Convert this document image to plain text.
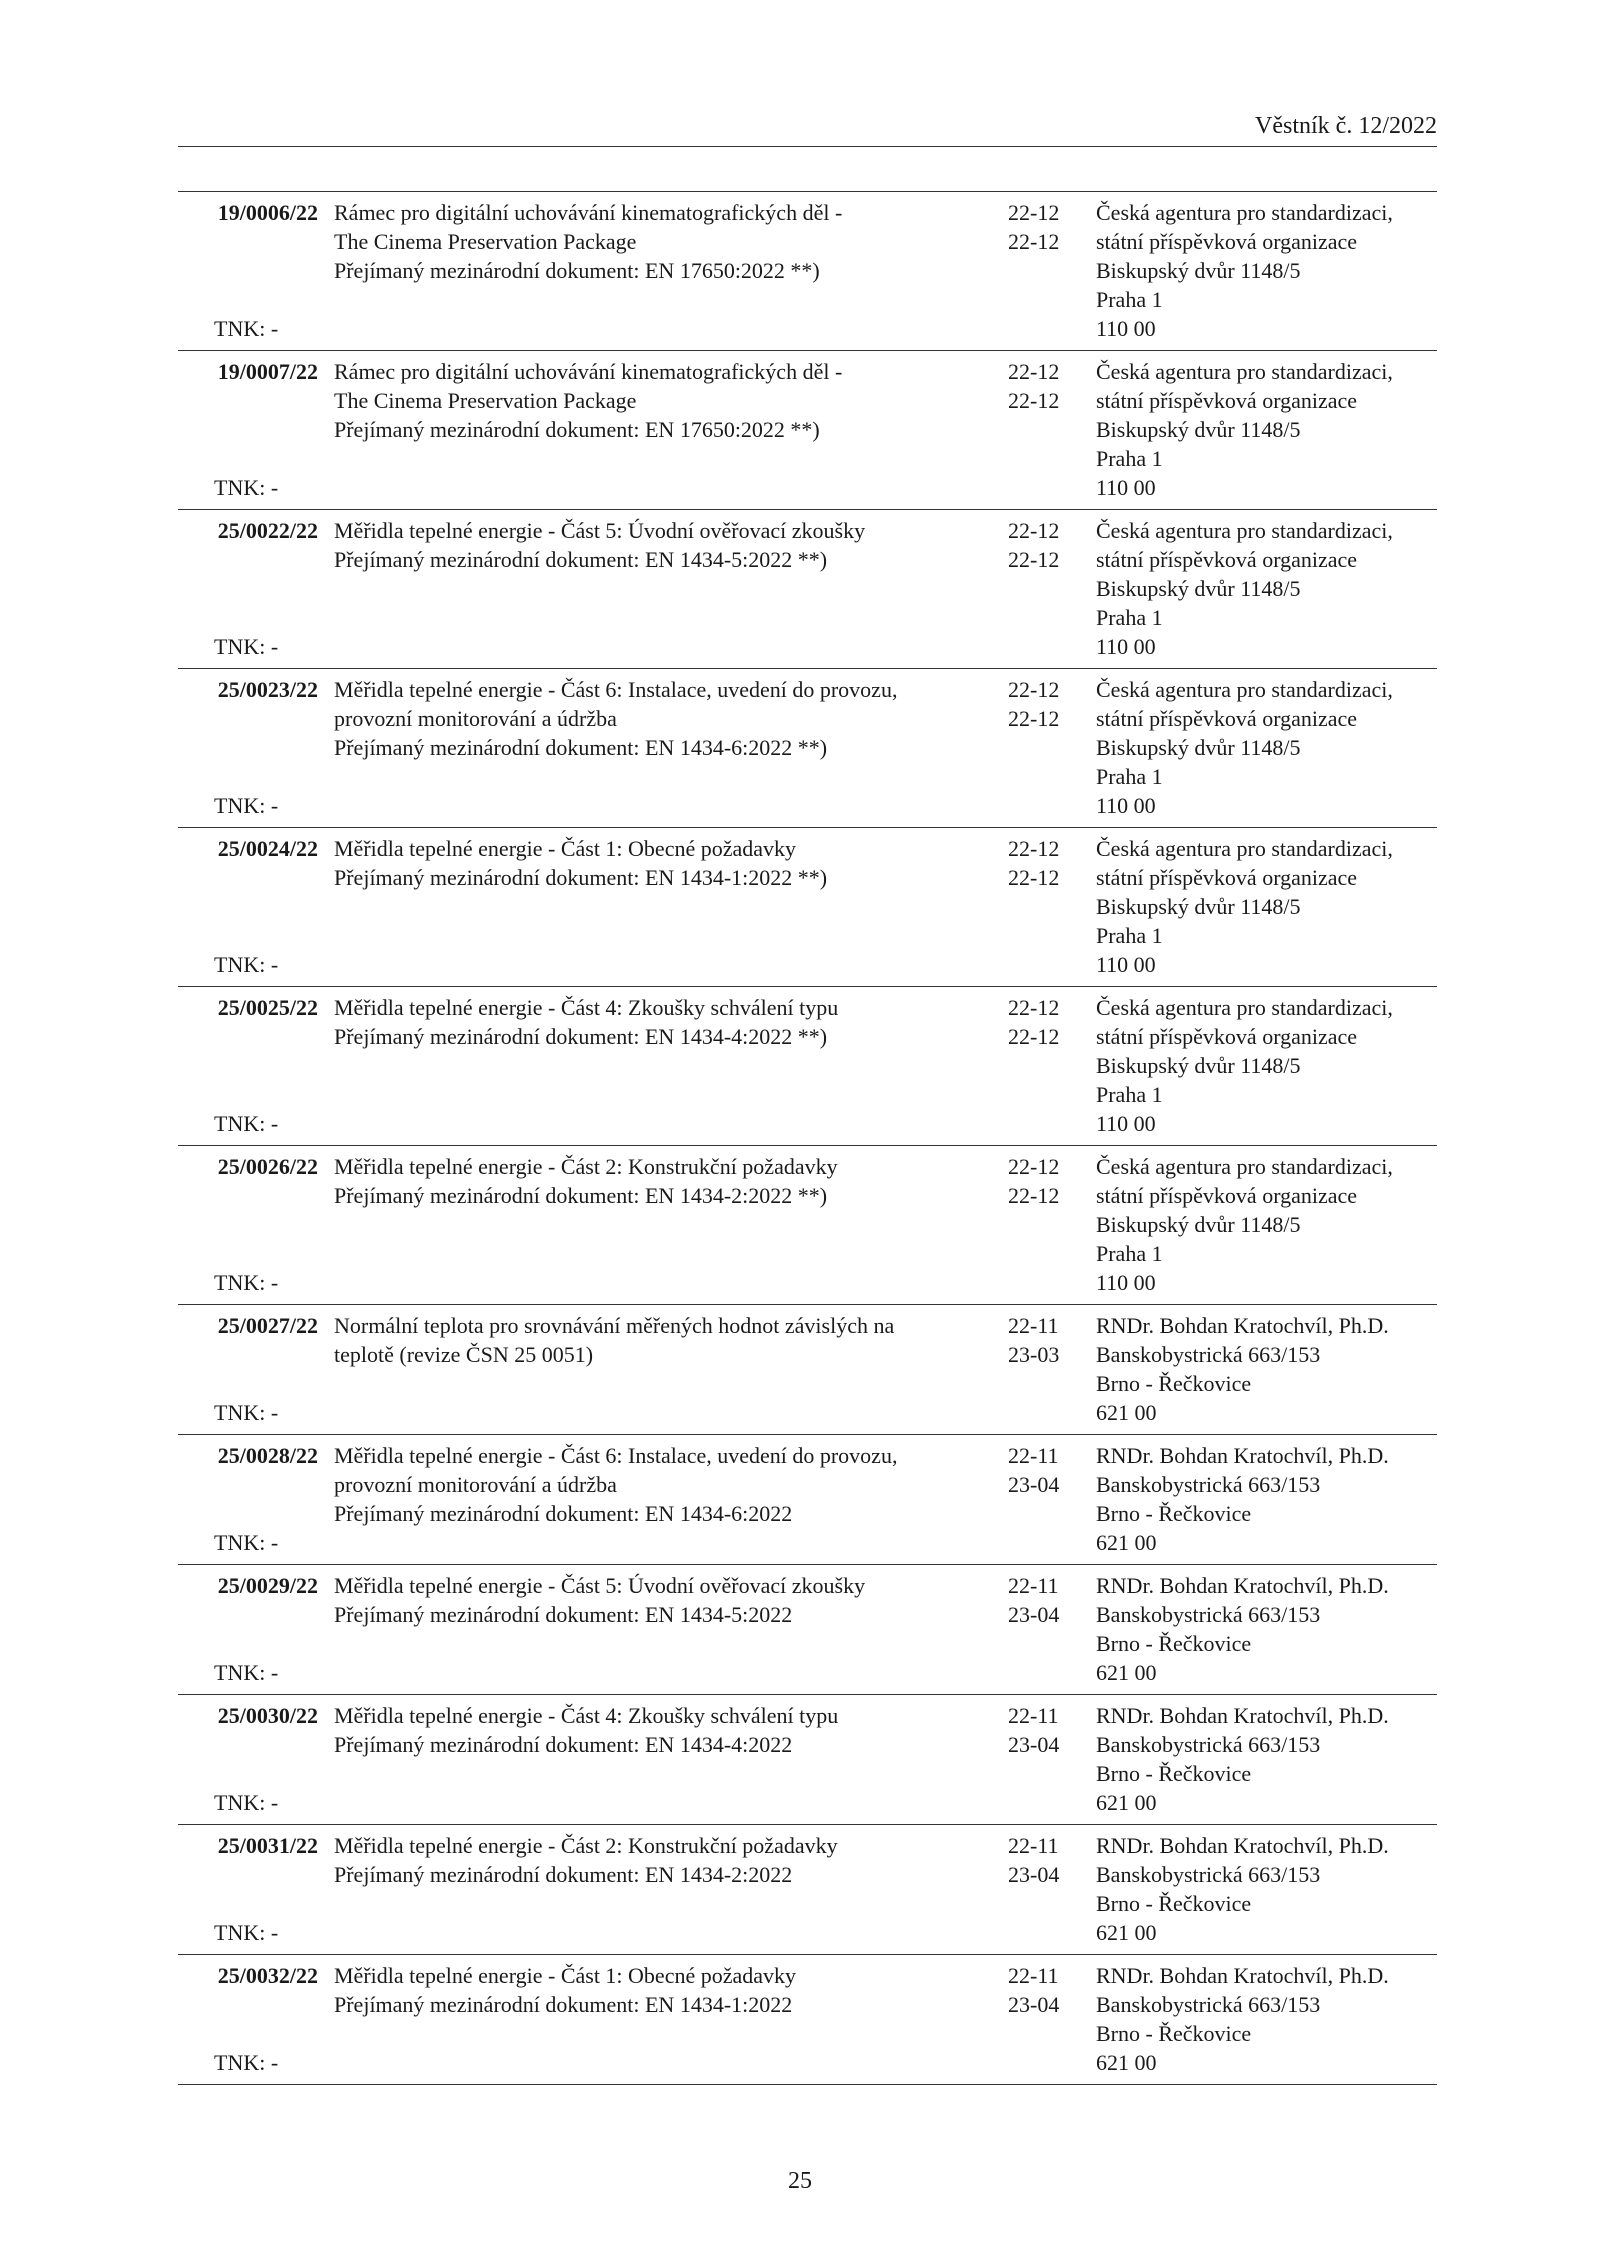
Věstník č. 12/2022
19/0006/22
TNK: -
Rámec pro digitální uchovávání kinematografických děl -
The Cinema Preservation Package
Přejímaný mezinárodní dokument: EN 17650:2022 **)
22-12
22-12
Česká agentura pro standardizaci,
státní příspěvková organizace
Biskupský dvůr 1148/5
Praha 1
110 00
19/0007/22
TNK: -
Rámec pro digitální uchovávání kinematografických děl -
The Cinema Preservation Package
Přejímaný mezinárodní dokument: EN 17650:2022 **)
22-12
22-12
Česká agentura pro standardizaci,
státní příspěvková organizace
Biskupský dvůr 1148/5
Praha 1
110 00
25/0022/22
TNK: -
Měřidla tepelné energie - Část 5: Úvodní ověřovací zkoušky
Přejímaný mezinárodní dokument: EN 1434-5:2022 **)
22-12
22-12
Česká agentura pro standardizaci,
státní příspěvková organizace
Biskupský dvůr 1148/5
Praha 1
110 00
25/0023/22
TNK: -
Měřidla tepelné energie - Část 6: Instalace, uvedení do provozu,
provozní monitorování a údržba
Přejímaný mezinárodní dokument: EN 1434-6:2022 **)
22-12
22-12
Česká agentura pro standardizaci,
státní příspěvková organizace
Biskupský dvůr 1148/5
Praha 1
110 00
25/0024/22
TNK: -
Měřidla tepelné energie - Část 1: Obecné požadavky
Přejímaný mezinárodní dokument: EN 1434-1:2022 **)
22-12
22-12
Česká agentura pro standardizaci,
státní příspěvková organizace
Biskupský dvůr 1148/5
Praha 1
110 00
25/0025/22
TNK: -
Měřidla tepelné energie - Část 4: Zkoušky schválení typu
Přejímaný mezinárodní dokument: EN 1434-4:2022 **)
22-12
22-12
Česká agentura pro standardizaci,
státní příspěvková organizace
Biskupský dvůr 1148/5
Praha 1
110 00
25/0026/22
TNK: -
Měřidla tepelné energie - Část 2: Konstrukční požadavky
Přejímaný mezinárodní dokument: EN 1434-2:2022 **)
22-12
22-12
Česká agentura pro standardizaci,
státní příspěvková organizace
Biskupský dvůr 1148/5
Praha 1
110 00
25/0027/22
TNK: -
Normální teplota pro srovnávání měřených hodnot závislých na
teplotě (revize ČSN 25 0051)
22-11
23-03
RNDr. Bohdan Kratochvíl, Ph.D.
Banskobystrická 663/153
Brno - Řečkovice
621 00
25/0028/22
TNK: -
Měřidla tepelné energie - Část 6: Instalace, uvedení do provozu,
provozní monitorování a údržba
Přejímaný mezinárodní dokument: EN 1434-6:2022
22-11
23-04
RNDr. Bohdan Kratochvíl, Ph.D.
Banskobystrická 663/153
Brno - Řečkovice
621 00
25/0029/22
TNK: -
Měřidla tepelné energie - Část 5: Úvodní ověřovací zkoušky
Přejímaný mezinárodní dokument: EN 1434-5:2022
22-11
23-04
RNDr. Bohdan Kratochvíl, Ph.D.
Banskobystrická 663/153
Brno - Řečkovice
621 00
25/0030/22
TNK: -
Měřidla tepelné energie - Část 4: Zkoušky schválení typu
Přejímaný mezinárodní dokument: EN 1434-4:2022
22-11
23-04
RNDr. Bohdan Kratochvíl, Ph.D.
Banskobystrická 663/153
Brno - Řečkovice
621 00
25/0031/22
TNK: -
Měřidla tepelné energie - Část 2: Konstrukční požadavky
Přejímaný mezinárodní dokument: EN 1434-2:2022
22-11
23-04
RNDr. Bohdan Kratochvíl, Ph.D.
Banskobystrická 663/153
Brno - Řečkovice
621 00
25/0032/22
TNK: -
Měřidla tepelné energie - Část 1: Obecné požadavky
Přejímaný mezinárodní dokument: EN 1434-1:2022
22-11
23-04
RNDr. Bohdan Kratochvíl, Ph.D.
Banskobystrická 663/153
Brno - Řečkovice
621 00
25
